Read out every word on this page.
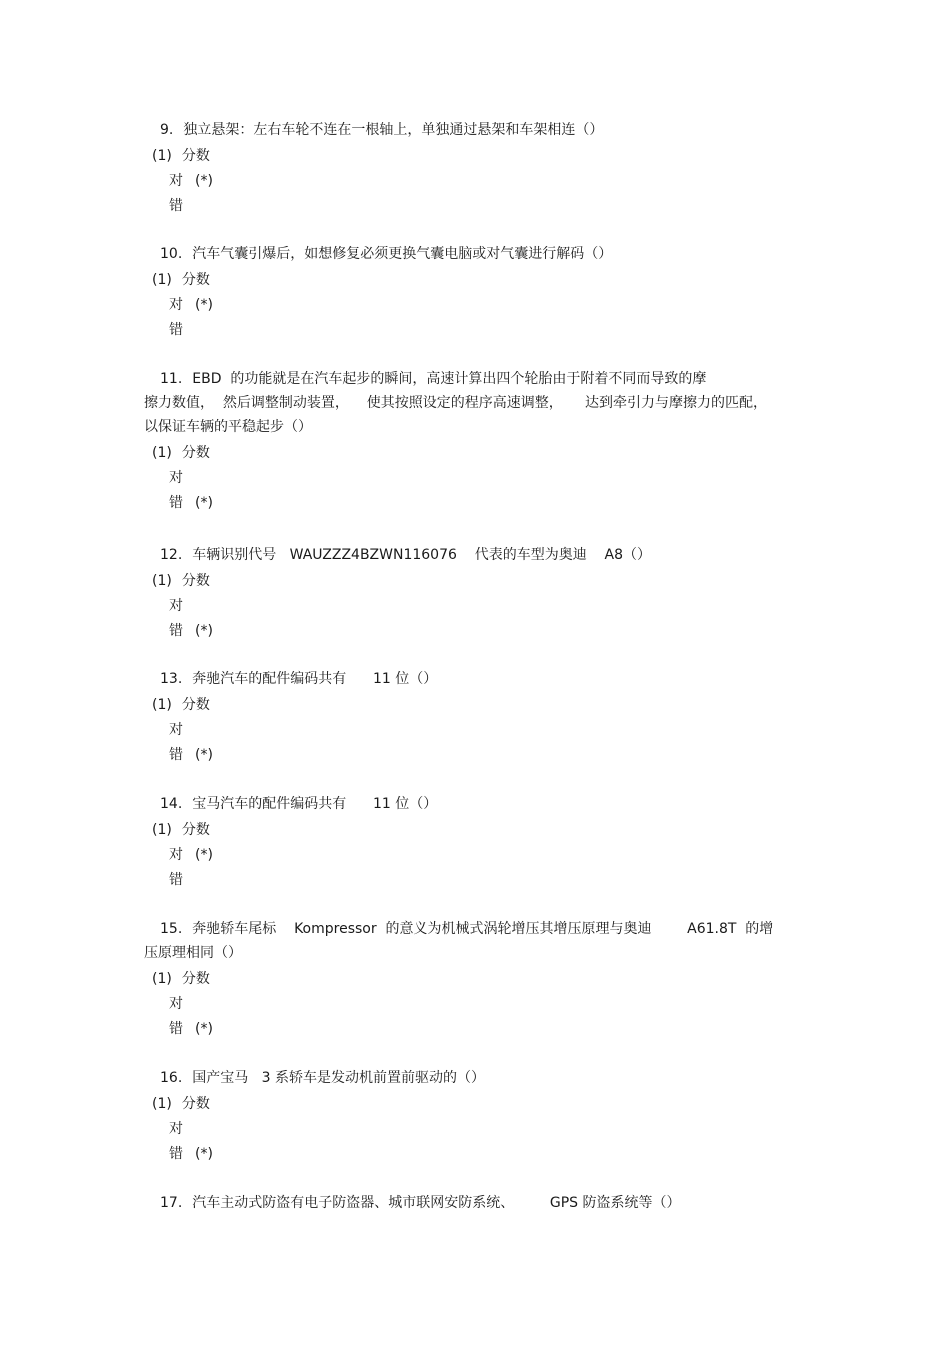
9. 独立悬架：左右车轮不连在一根轴上，单独通过悬架和车架相连（）
(1) 分数
对 (*)
错
10. 汽车气囊引爆后，如想修复必须更换气囊电脑或对气囊进行解码（）
(1) 分数
对 (*)
错
11. EBD  的功能就是在汽车起步的瞬间，高速计算出四个轮胎由于附着不同而导致的摩
擦力数值，  然后调整制动装置，    使其按照设定的程序高速调整，     达到牵引力与摩擦力的匹配，
以保证车辆的平稳起步（）
(1) 分数
对
错 (*)
12. 车辆识别代号   WAUZZZ4BZWN116076    代表的车型为奥迪    A8（）
(1) 分数
对
错 (*)
13. 奔驰汽车的配件编码共有      11 位（）
(1) 分数
对
错 (*)
14. 宝马汽车的配件编码共有      11 位（）
(1) 分数
对 (*)
错
15. 奔驰轿车尾标    Kompressor  的意义为机械式涡轮增压其增压原理与奥迪        A61.8T  的增
压原理相同（）
(1) 分数
对
错 (*)
16. 国产宝马   3 系轿车是发动机前置前驱动的（）
(1) 分数
对
错 (*)
17. 汽车主动式防盗有电子防盗器、城市联网安防系统、        GPS 防盗系统等（）
